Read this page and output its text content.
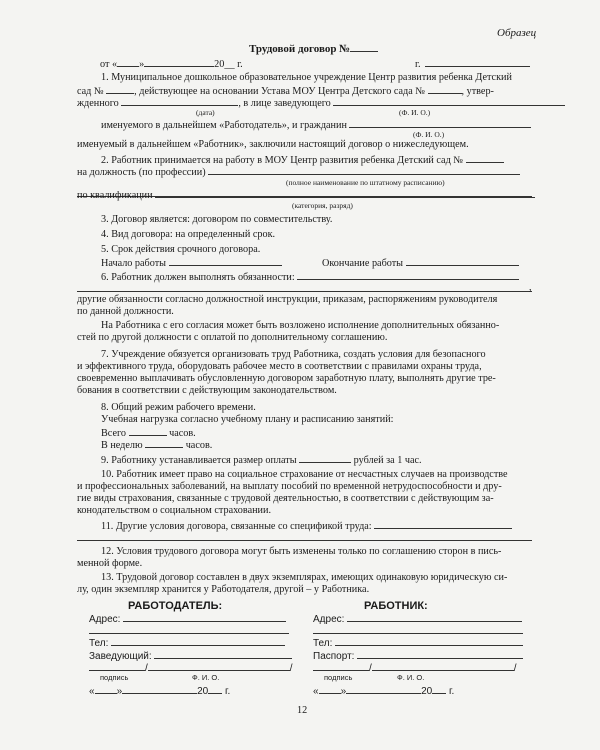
Образец
Трудовой договор №
от « »	20__ г.	г.
1. Муниципальное дошкольное образовательное учреждение Центр развития ребенка Детский
сад №	, действующее на основании Устава МОУ Центра Детского сада №	, утвер-
жденного	, в лице заведующего
(дата)	(Ф. И. О.)
именуемого в дальнейшем «Работодатель», и гражданин
(Ф. И. О.)
именуемый в дальнейшем «Работник», заключили настоящий договор о нижеследующем.
2. Работник принимается на работу в МОУ Центр развития ребенка Детский сад №
на должность (по профессии)
(полное наименование по штатному расписанию)
по квалификации
(категория, разряд)
3. Договор является: договором по совместительству.
4. Вид договора: на определенный срок.
5. Срок действия срочного договора.
Начало работы	Окончание работы
6. Работник должен выполнять обязанности:
,
другие обязанности согласно должностной инструкции, приказам, распоряжениям руководителя
по данной должности.
На Работника с его согласия может быть возложено исполнение дополнительных обязанно-
стей по другой должности с оплатой по дополнительному соглашению.
7. Учреждение обязуется организовать труд Работника, создать условия для безопасного
и эффективного труда, оборудовать рабочее место в соответствии с правилами охраны труда,
своевременно выплачивать обусловленную договором заработную плату, выполнять другие тре-
бования в соответствии с действующим законодательством.
8. Общий режим рабочего времени.
Учебная нагрузка согласно учебному плану и расписанию занятий:
Всего	часов.
В неделю	часов.
9. Работнику устанавливается размер оплаты	рублей за 1 час.
10. Работник имеет право на социальное страхование от несчастных случаев на производстве
и профессиональных заболеваний, на выплату пособий по временной нетрудоспособности и дру-
гие виды страхования, связанные с трудовой деятельностью, в соответствии с действующим за-
конодательством о социальном страховании.
11. Другие условия договора, связанные со спецификой труда:
12. Условия трудового договора могут быть изменены только по соглашению сторон в пись-
менной форме.
13. Трудовой договор составлен в двух экземплярах, имеющих одинаковую юридическую си-
лу, один экземпляр хранится у Работодателя, другой – у Работника.
РАБОТОДАТЕЛЬ:
Адрес:
Тел:
Заведующий:
/	/
подпись	Ф. И. О.
« »	20 г.
РАБОТНИК:
Адрес:
Тел:
Паспорт:
/	/
подпись	Ф. И. О.
« »	20 г.
12
